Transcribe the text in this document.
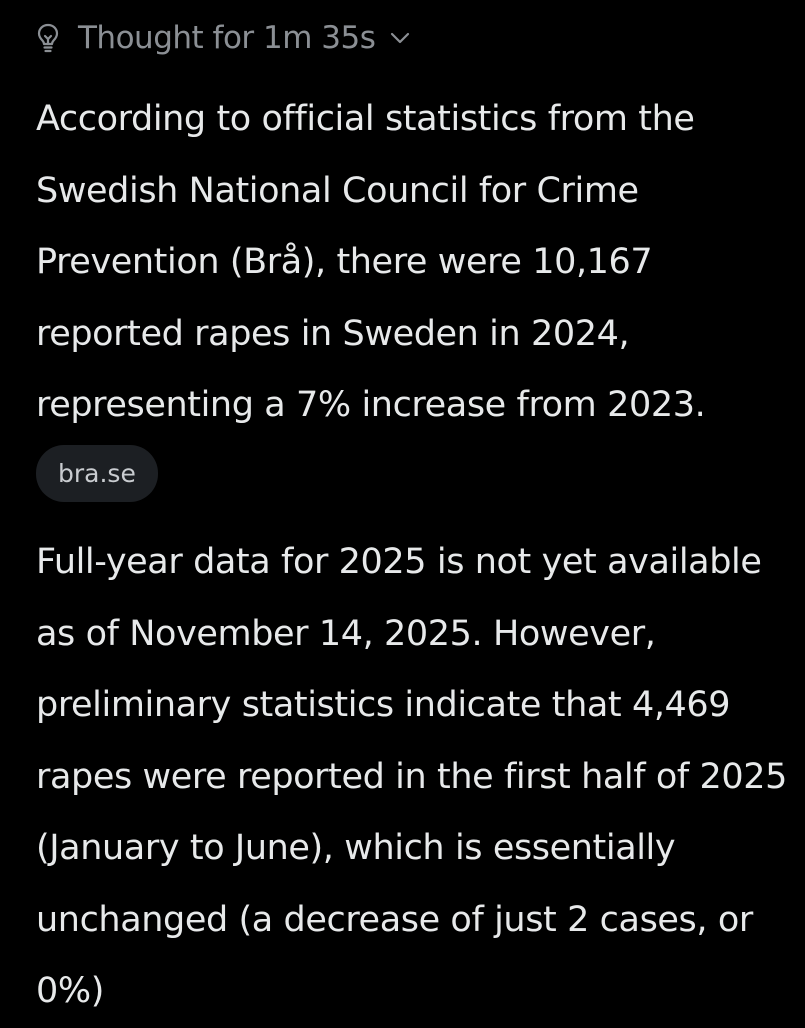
Thought for 1m 35s

According to official statistics from the Swedish National Council for Crime Prevention (Brå), there were 10,167 reported rapes in Sweden in 2024, representing a 7% increase from 2023.

bra.se

Full-year data for 2025 is not yet available as of November 14, 2025. However, preliminary statistics indicate that 4,469 rapes were reported in the first half of 2025 (January to June), which is essentially unchanged (a decrease of just 2 cases, or 0%)
